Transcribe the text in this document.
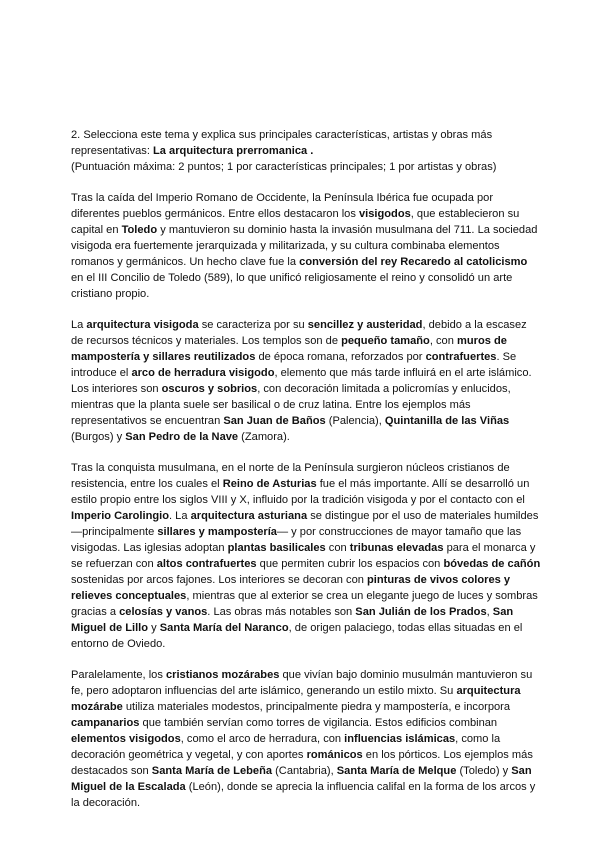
2. Selecciona este tema y explica sus principales características, artistas y obras más representativas: La arquitectura prerromanica .
(Puntuación máxima: 2 puntos; 1 por características principales; 1 por artistas y obras)

Tras la caída del Imperio Romano de Occidente, la Península Ibérica fue ocupada por diferentes pueblos germánicos. Entre ellos destacaron los visigodos, que establecieron su capital en Toledo y mantuvieron su dominio hasta la invasión musulmana del 711. La sociedad visigoda era fuertemente jerarquizada y militarizada, y su cultura combinaba elementos romanos y germánicos. Un hecho clave fue la conversión del rey Recaredo al catolicismo en el III Concilio de Toledo (589), lo que unificó religiosamente el reino y consolidó un arte cristiano propio.

La arquitectura visigoda se caracteriza por su sencillez y austeridad, debido a la escasez de recursos técnicos y materiales. Los templos son de pequeño tamaño, con muros de mampostería y sillares reutilizados de época romana, reforzados por contrafuertes. Se introduce el arco de herradura visigodo, elemento que más tarde influirá en el arte islámico. Los interiores son oscuros y sobrios, con decoración limitada a policromías y enlucidos, mientras que la planta suele ser basilical o de cruz latina. Entre los ejemplos más representativos se encuentran San Juan de Baños (Palencia), Quintanilla de las Viñas (Burgos) y San Pedro de la Nave (Zamora).

Tras la conquista musulmana, en el norte de la Península surgieron núcleos cristianos de resistencia, entre los cuales el Reino de Asturias fue el más importante. Allí se desarrolló un estilo propio entre los siglos VIII y X, influido por la tradición visigoda y por el contacto con el Imperio Carolingio. La arquitectura asturiana se distingue por el uso de materiales humildes —principalmente sillares y mampostería— y por construcciones de mayor tamaño que las visigodas. Las iglesias adoptan plantas basilicales con tribunas elevadas para el monarca y se refuerzan con altos contrafuertes que permiten cubrir los espacios con bóvedas de cañón sostenidas por arcos fajones. Los interiores se decoran con pinturas de vivos colores y relieves conceptuales, mientras que al exterior se crea un elegante juego de luces y sombras gracias a celosías y vanos. Las obras más notables son San Julián de los Prados, San Miguel de Lillo y Santa María del Naranco, de origen palaciego, todas ellas situadas en el entorno de Oviedo.

Paralelamente, los cristianos mozárabes que vivían bajo dominio musulmán mantuvieron su fe, pero adoptaron influencias del arte islámico, generando un estilo mixto. Su arquitectura mozárabe utiliza materiales modestos, principalmente piedra y mampostería, e incorpora campanarios que también servían como torres de vigilancia. Estos edificios combinan elementos visigodos, como el arco de herradura, con influencias islámicas, como la decoración geométrica y vegetal, y con aportes románicos en los pórticos. Los ejemplos más destacados son Santa María de Lebeña (Cantabria), Santa María de Melque (Toledo) y San Miguel de la Escalada (León), donde se aprecia la influencia califal en la forma de los arcos y la decoración.
